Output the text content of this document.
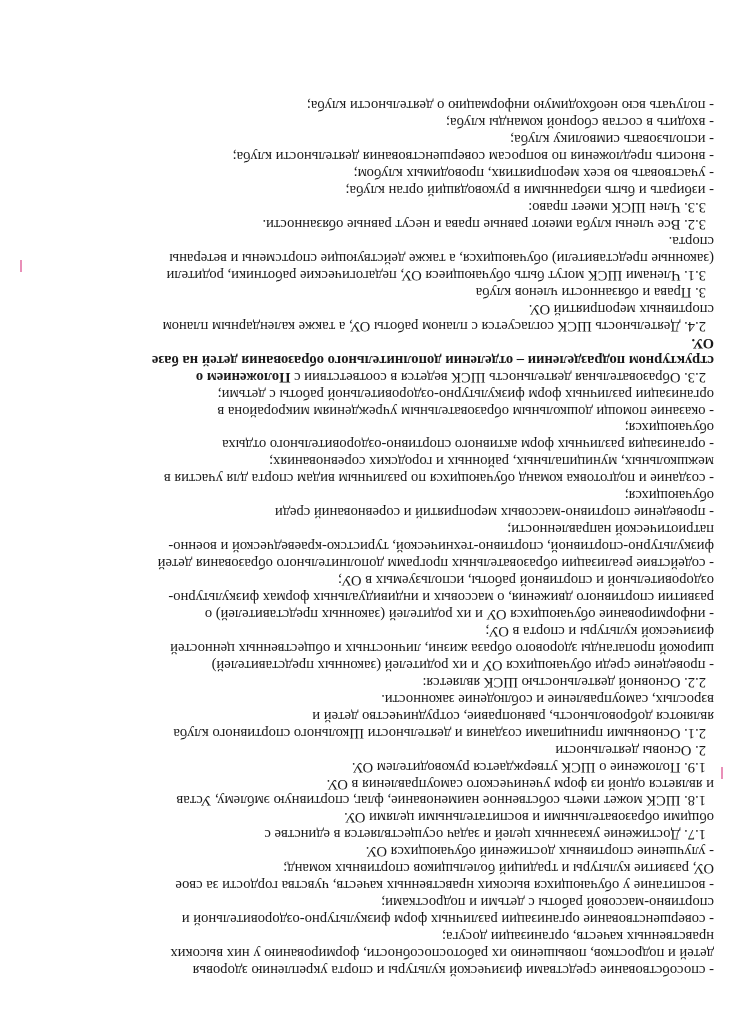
- способствование средствами физической культуры и спорта укреплению здоровья
детей и подростков, повышению их работоспособности, формированию у них высоких
нравственных качеств, организации досуга;
- совершенствование организации различных форм физкультурно-оздоровительной и
спортивно-массовой работы с детьми и подростками;
- воспитание у обучающихся высоких нравственных качеств, чувства гордости за свое
ОУ, развитие культуры и традиций болельщиков спортивных команд;
- улучшение спортивных достижений обучающихся ОУ.
1.7. Достижение указанных целей и задач осуществляется в единстве с
общими образовательными и воспитательными целями ОУ.
1.8. ШСК может иметь собственное наименование, флаг, спортивную эмблему, Устав
и является одной из форм ученического самоуправления в ОУ.
1.9. Положение о ШСК утверждается руководителем ОУ.
2. Основы деятельности
2.1. Основными принципами создания и деятельности Школьного спортивного клуба
являются добровольность, равноправие, сотрудничество детей и
взрослых, самоуправление и соблюдение законности.
2.2. Основной деятельностью ШСК является:
- проведение среди обучающихся ОУ и их родителей (законных представителей)
широкой пропаганды здорового образа жизни, личностных и общественных ценностей
физической культуры и спорта в ОУ;
- информирование обучающихся ОУ и их родителей (законных представителей) о
развитии спортивного движения, о массовых и индивидуальных формах физкультурно-
оздоровительной и спортивной работы, используемых в ОУ;
- содействие реализации образовательных программ дополнительного образования детей
физкультурно-спортивной, спортивно-технической, туристско-краеведческой и военно-
патриотической направленности;
- проведение спортивно-массовых мероприятий и соревнований среди
обучающихся;
- создание и подготовка команд обучающихся по различным видам спорта для участия в
межшкольных, муниципальных, районных и городских соревнованиях;
- организация различных форм активного спортивно-оздоровительного отдыха
обучающихся;
- оказание помощи дошкольным образовательным учреждениям микрорайона в
организации различных форм физкультурно-оздоровительной работы с детьми;
2.3. Образовательная деятельность ШСК ведется в соответствии с Положением о
структурном подразделении – отделении дополнительного образования детей на базе
ОУ.
2.4. Деятельность ШСК согласуется с планом работы ОУ, а также календарным планом
спортивных мероприятий ОУ.
3. Права и обязанности членов клуба
3.1. Членами ШСК могут быть обучающиеся ОУ, педагогические работники, родители
(законные представители) обучающихся, а также действующие спортсмены и ветераны
спорта.
3.2. Все члены клуба имеют равные права и несут равные обязанности.
3.3. Член ШСК имеет право:
- избирать и быть избранными в руководящий орган клуба;
- участвовать во всех мероприятиях, проводимых клубом;
- вносить предложения по вопросам совершенствования деятельности клуба;
- использовать символику клуба;
- входить в состав сборной команды клуба;
- получать всю необходимую информацию о деятельности клуба;
